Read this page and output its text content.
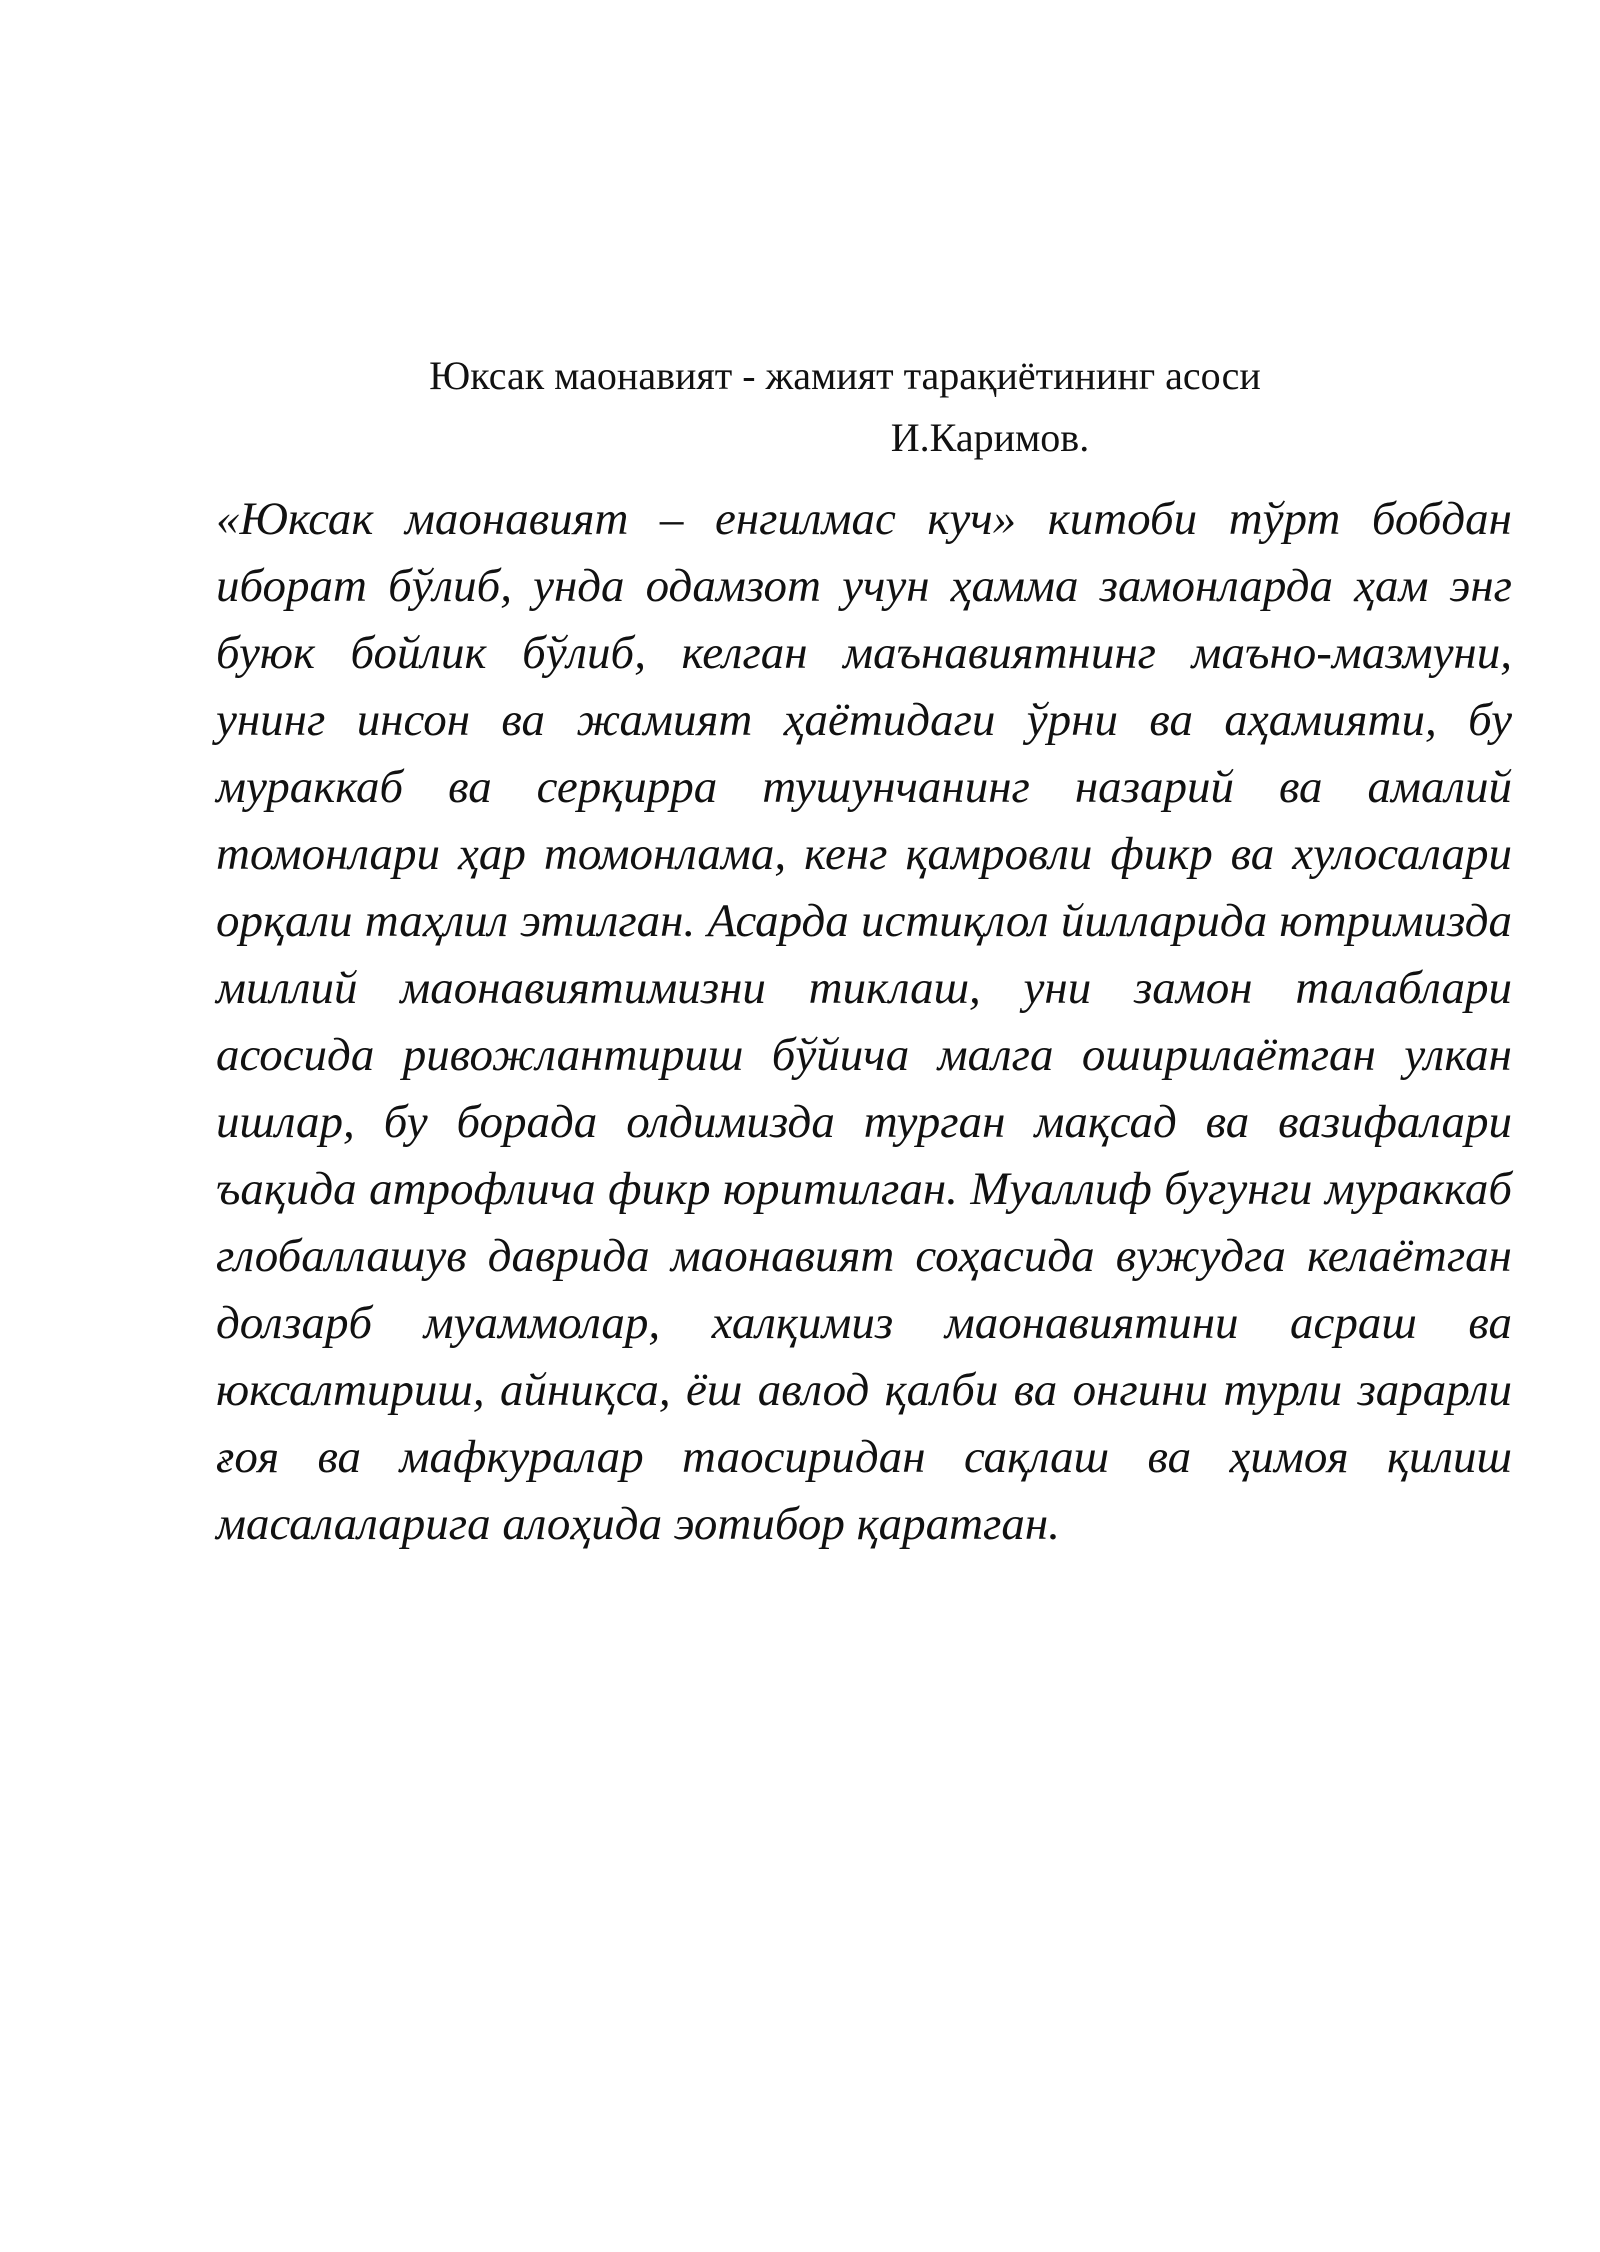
Юксак маонавият - жамият тарақиётининг асоси
И.Каримов.

«Юксак маонавият – енгилмас куч» китоби тўрт бобдан иборат бўлиб, унда одамзот учун ҳамма замонларда ҳам энг буюк бойлик бўлиб, келган маънавиятнинг маъно-мазмуни, унинг инсон ва жамият ҳаётидаги ўрни ва аҳамияти, бу мураккаб ва серқирра тушунчанинг назарий ва амалий томонлари ҳар томонлама, кенг қамровли фикр ва хулосалари орқали таҳлил этилган. Асарда истиқлол йилларида ютримизда миллий маонавиятимизни тиклаш, уни замон талаблари асосида ривожлантириш бўйича малга оширилаётган улкан ишлар, бу борада олдимизда турган мақсад ва вазифалари ъақида атрофлича фикр юритилган. Муаллиф бугунги мураккаб глобаллашув даврида маонавият соҳасида вужудга келаётган долзарб муаммолар, халқимиз маонавиятини асраш ва юксалтириш, айниқса, ёш авлод қалби ва онгини турли зарарли ғоя ва мафкуралар таосиридан сақлаш ва ҳимоя қилиш масалаларига алоҳида эотибор қаратган.
